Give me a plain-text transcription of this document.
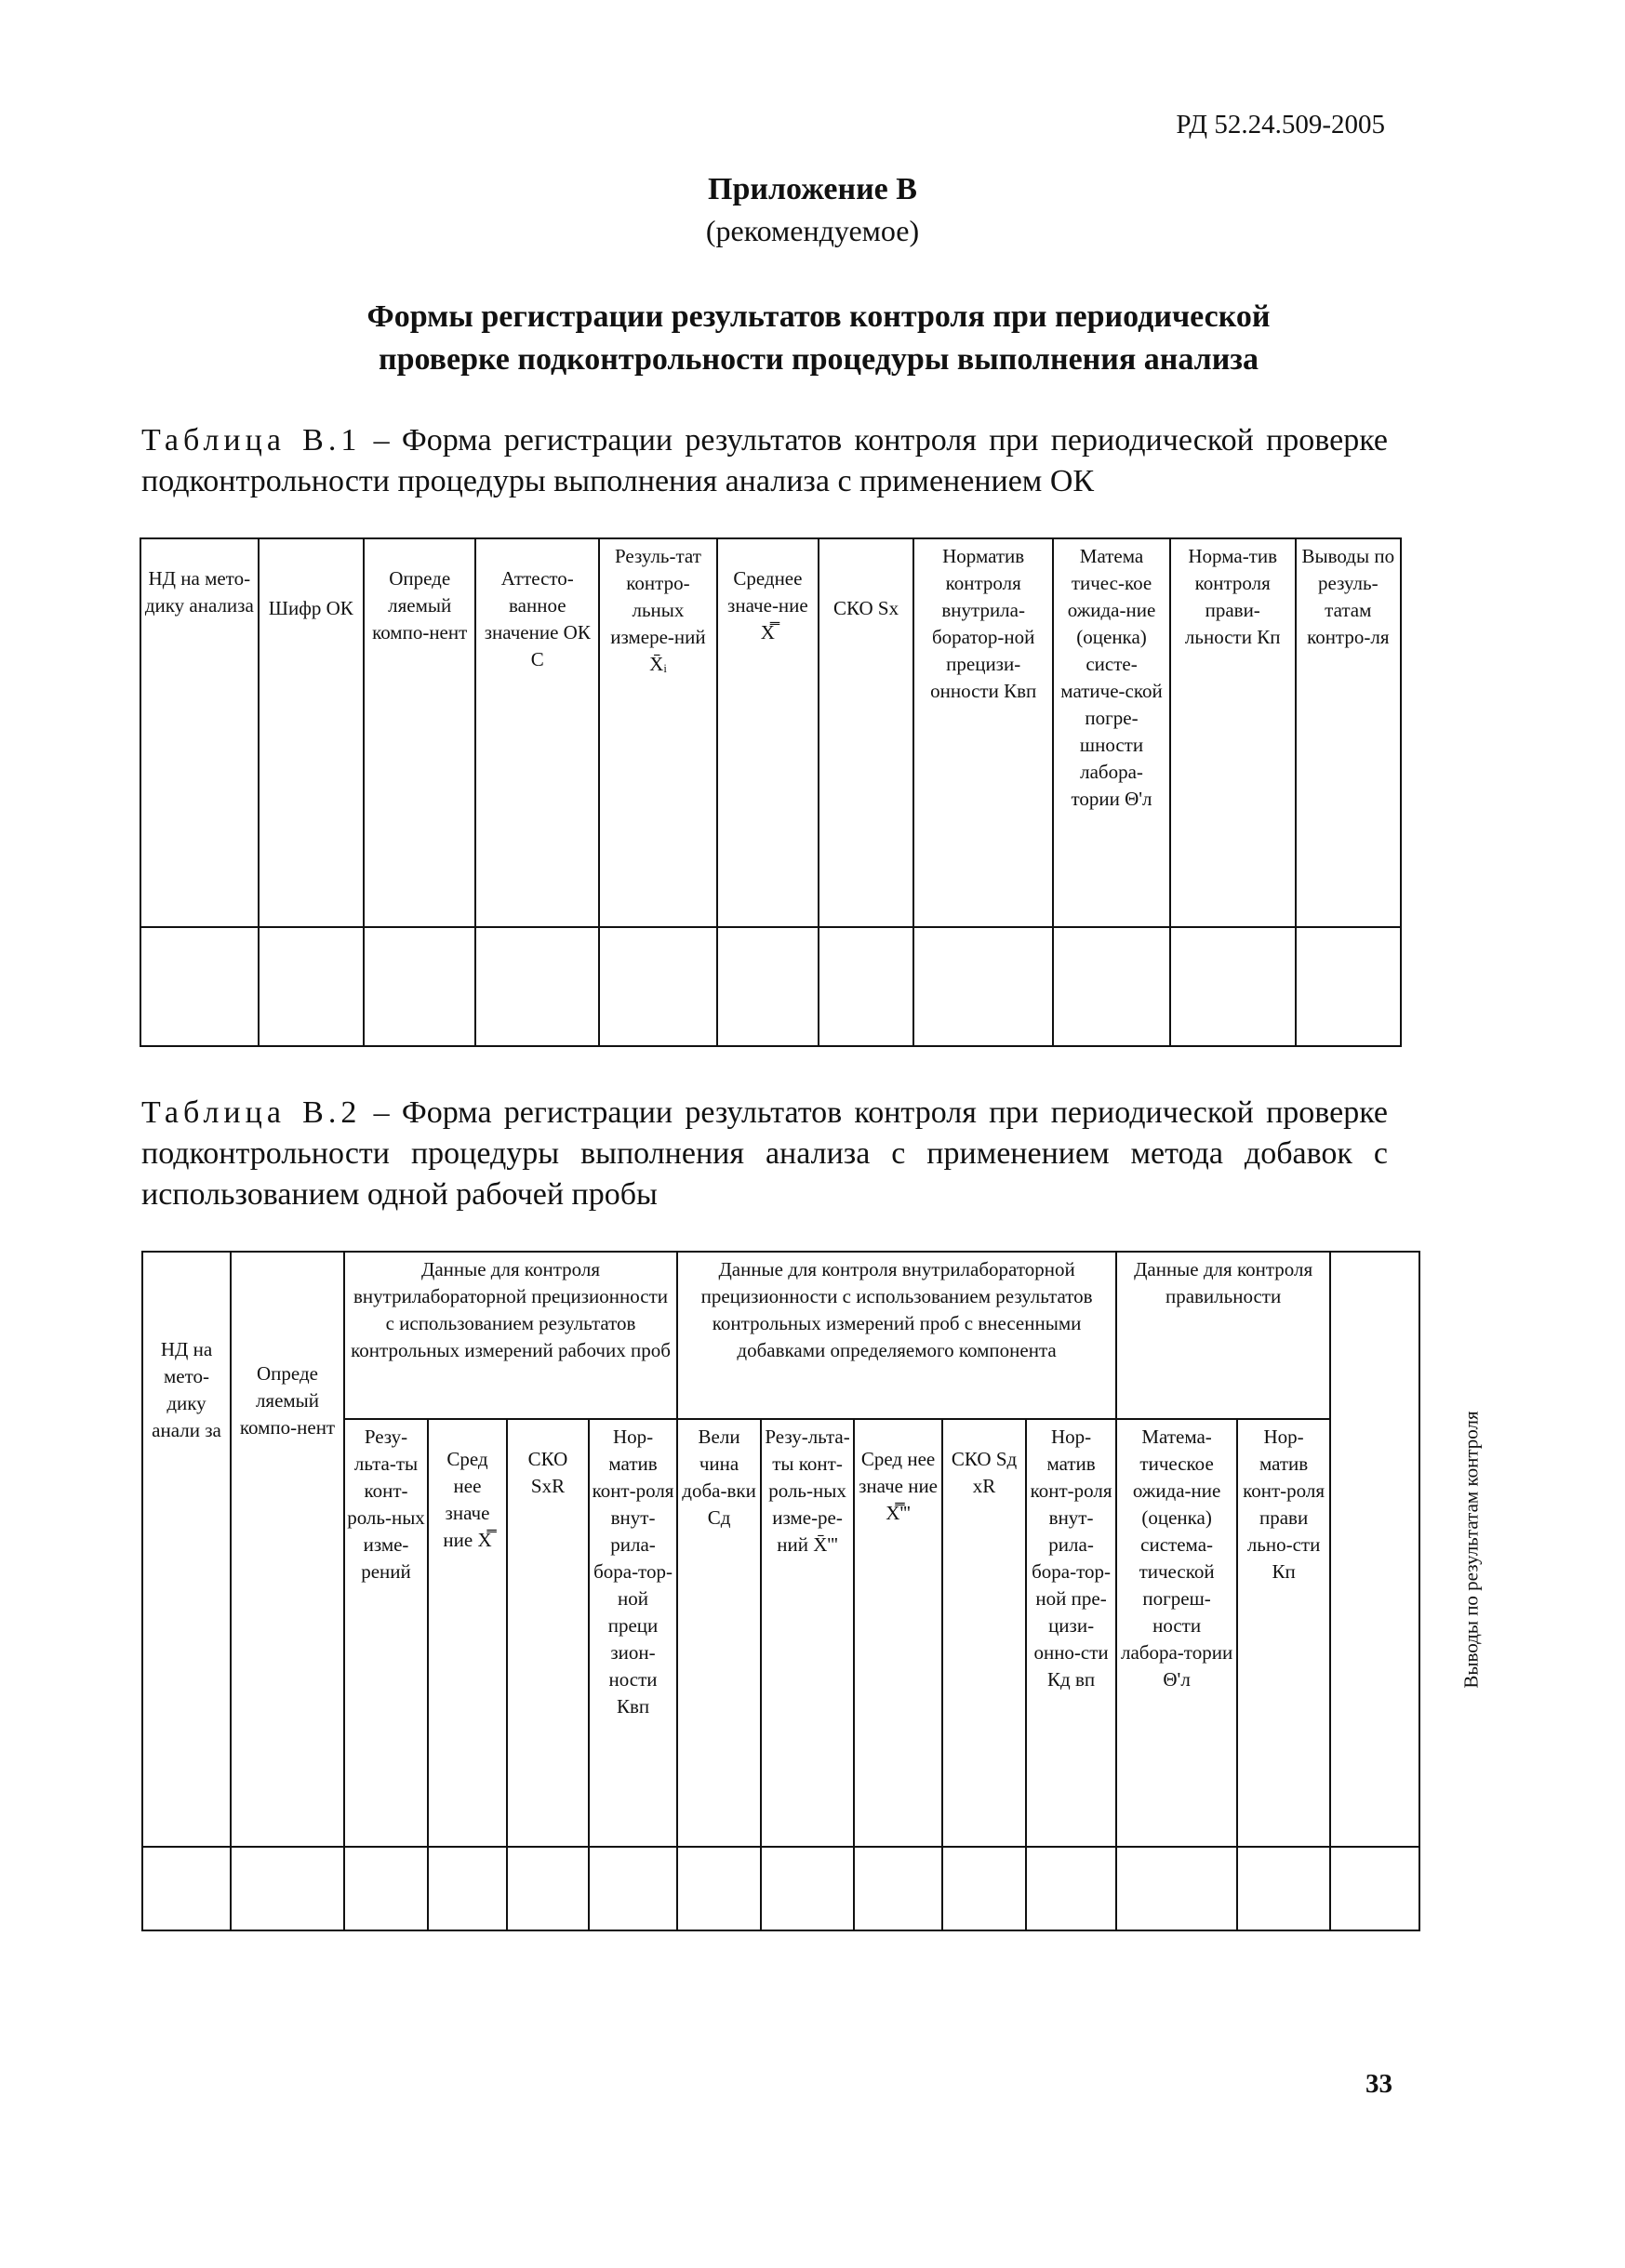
РД 52.24.509-2005
Приложение В
(рекомендуемое)
Формы регистрации результатов контроля при периодической
проверке подконтрольности процедуры выполнения анализа
Таблица В.1 – Форма регистрации результатов контроля при периодической проверке подконтрольности процедуры выполнения анализа с применением ОК
НД на мето-дику анализа	Шифр ОК	Опреде ляемый компо-нент	Аттесто-ванное значение ОК С	Резуль-тат контро-льных измере-ний X̄ᵢ	Среднее значе-ние X̿	СКО Sx	Норматив контроля внутрила-боратор-ной прецизи-онности Квп	Матема тичес-кое ожида-ние (оценка) систе-матиче-ской погре-шности лабора-тории Θ'л	Норма-тив контроля прави-льности Кп	Выводы по резуль-татам контро-ля

Таблица В.2 – Форма регистрации результатов контроля при периодической проверке подконтрольности процедуры выполнения анализа с применением метода добавок с использованием одной рабочей пробы
НД на мето-дику анали за	Опреде ляемый компо-нент	Данные для контроля внутрилабораторной прецизионности с использованием результатов контрольных измерений рабочих проб				Данные для контроля внутрилабораторной прецизионности с использованием результатов контрольных измерений проб с внесенными добавками определяемого компонента					Данные для контроля правильности		Выводы по результатам контроля
		Резу-льта-ты конт-роль-ных изме-рений	Сред нее значе ние X̿	СКО SxR	Нор-матив конт-роля внут-рила-бора-тор-ной преци зион-ности Квп	Вели чина доба-вки Сд	Резу-льта-ты конт-роль-ных изме-ре-ний X̄'''	Сред нее значе ние X̿'''	СКО Sд xR	Нор-матив конт-роля внут-рила-бора-тор-ной пре-цизи-онно-сти Кд вп	Матема-тическое ожида-ние (оценка) система-тической погреш-ности лабора-тории Θ'л	Нор-матив конт-роля прави льно-сти Кп	

33
